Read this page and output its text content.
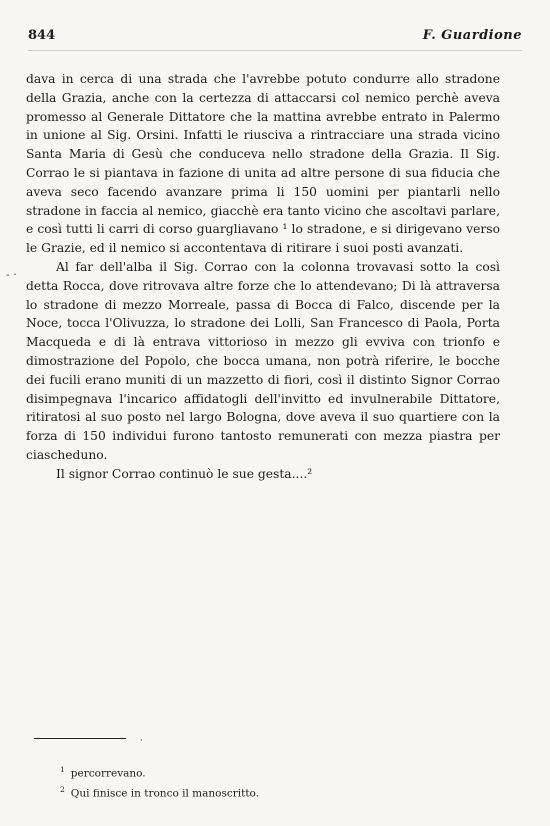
844	F. Guardione
- ·

dava in cerca di una strada che l'avrebbe potuto condurre allo stradone della Grazia, anche con la certezza di attaccarsi col nemico perchè aveva promesso al Generale Dittatore che la mattina avrebbe entrato in Palermo in unione al Sig. Orsini. Infatti le riusciva a rintracciare una strada vicino Santa Maria di Gesù che conduceva nello stradone della Grazia. Il Sig. Corrao le si piantava in fazione di unita ad altre persone di sua fiducia che aveva seco facendo avanzare prima li 150 uomini per piantarli nello stradone in faccia al nemico, giacchè era tanto vicino che ascoltavi parlare, e così tutti li carri di corso guargliavano ¹ lo stradone, e si dirigevano verso le Grazie, ed il nemico si accontentava di ritirare i suoi posti avanzati.

Al far dell'alba il Sig. Corrao con la colonna trovavasi sotto la così detta Rocca, dove ritrovava altre forze che lo attendevano; Di là attraversa lo stradone di mezzo Morreale, passa di Bocca di Falco, discende per la Noce, tocca l'Olivuzza, lo stradone dei Lolli, San Francesco di Paola, Porta Macqueda e di là entrava vittorioso in mezzo gli evviva con trionfo e dimostrazione del Popolo, che bocca umana, non potrà riferire, le bocche dei fucili erano muniti di un mazzetto di fiori, così il distinto Signor Corrao disimpegnava l'incarico affidatogli dell'invitto ed invulnerabile Dittatore, ritiratosi al suo posto nel largo Bologna, dove aveva il suo quartiere con la forza di 150 individui furono tantosto remunerati con mezza piastra per ciascheduno.

Il signor Corrao continuò le sue gesta....²

·
$^1$ percorrevano.
$^2$ Qui finisce in tronco il manoscritto.
